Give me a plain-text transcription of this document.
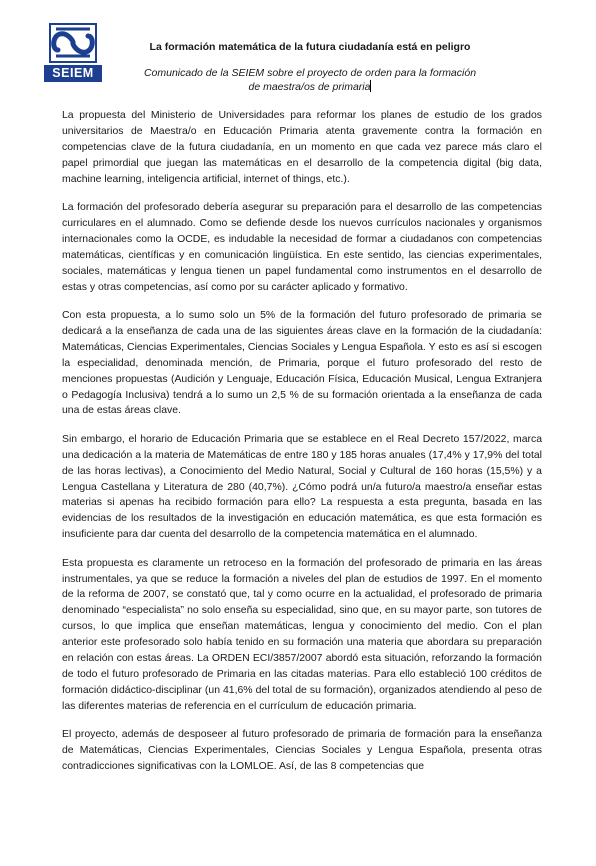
SEIEM
La formación matemática de la futura ciudadanía está en peligro
Comunicado de la SEIEM sobre el proyecto de orden para la formación
de maestra/os de primaria

La propuesta del Ministerio de Universidades para reformar los planes de estudio de los grados universitarios de Maestra/o en Educación Primaria atenta gravemente contra la formación en competencias clave de la futura ciudadanía, en un momento en que cada vez parece más claro el papel primordial que juegan las matemáticas en el desarrollo de la competencia digital (big data, machine learning, inteligencia artificial, internet of things, etc.).

La formación del profesorado debería asegurar su preparación para el desarrollo de las competencias curriculares en el alumnado. Como se defiende desde los nuevos currículos nacionales y organismos internacionales como la OCDE, es indudable la necesidad de formar a ciudadanos con competencias matemáticas, científicas y en comunicación lingüística. En este sentido, las ciencias experimentales, sociales, matemáticas y lengua tienen un papel fundamental como instrumentos en el desarrollo de estas y otras competencias, así como por su carácter aplicado y formativo.

Con esta propuesta, a lo sumo solo un 5% de la formación del futuro profesorado de primaria se dedicará a la enseñanza de cada una de las siguientes áreas clave en la formación de la ciudadanía: Matemáticas, Ciencias Experimentales, Ciencias Sociales y Lengua Española. Y esto es así si escogen la especialidad, denominada mención, de Primaria, porque el futuro profesorado del resto de menciones propuestas (Audición y Lenguaje, Educación Física, Educación Musical, Lengua Extranjera o Pedagogía Inclusiva) tendrá a lo sumo un 2,5 % de su formación orientada a la enseñanza de cada una de estas áreas clave.

Sin embargo, el horario de Educación Primaria que se establece en el Real Decreto 157/2022, marca una dedicación a la materia de Matemáticas de entre 180 y 185 horas anuales (17,4% y 17,9% del total de las horas lectivas), a Conocimiento del Medio Natural, Social y Cultural de 160 horas (15,5%) y a Lengua Castellana y Literatura de 280 (40,7%). ¿Cómo podrá un/a futuro/a maestro/a enseñar estas materias si apenas ha recibido formación para ello? La respuesta a esta pregunta, basada en las evidencias de los resultados de la investigación en educación matemática, es que esta formación es insuficiente para dar cuenta del desarrollo de la competencia matemática en el alumnado.

Esta propuesta es claramente un retroceso en la formación del profesorado de primaria en las áreas instrumentales, ya que se reduce la formación a niveles del plan de estudios de 1997. En el momento de la reforma de 2007, se constató que, tal y como ocurre en la actualidad, el profesorado de primaria denominado “especialista” no solo enseña su especialidad, sino que, en su mayor parte, son tutores de cursos, lo que implica que enseñan matemáticas, lengua y conocimiento del medio. Con el plan anterior este profesorado solo había tenido en su formación una materia que abordara su preparación en relación con estas áreas. La ORDEN ECI/3857/2007 abordó esta situación, reforzando la formación de todo el futuro profesorado de Primaria en las citadas materias. Para ello estableció 100 créditos de formación didáctico-disciplinar (un 41,6% del total de su formación), organizados atendiendo al peso de las diferentes materias de referencia en el currículum de educación primaria.

El proyecto, además de desposeer al futuro profesorado de primaria de formación para la enseñanza de Matemáticas, Ciencias Experimentales, Ciencias Sociales y Lengua Española, presenta otras contradicciones significativas con la LOMLOE. Así, de las 8 competencias que
